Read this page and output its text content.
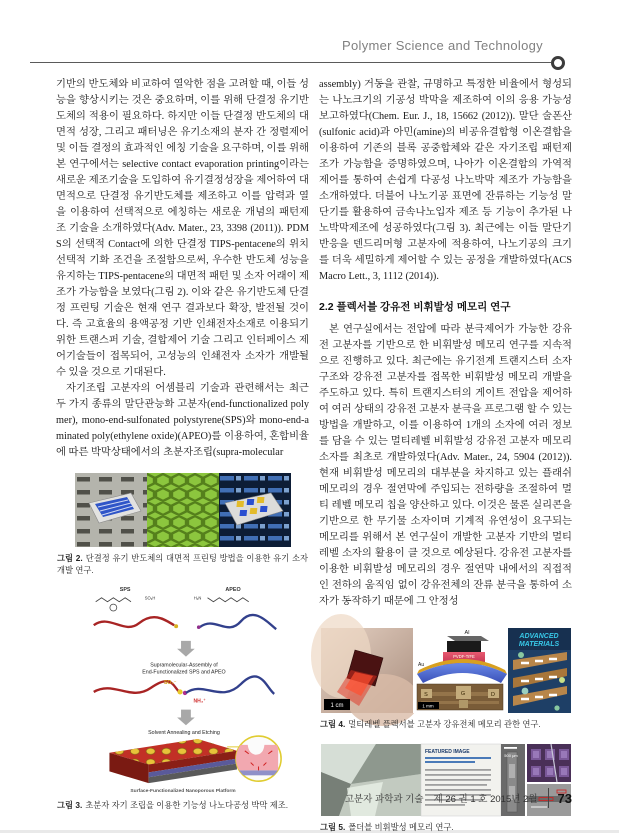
Polymer Science and Technology

기반의 반도체와 비교하여 열악한 점을 고려할 때, 이들 성능을 향상시키는 것은 중요하며, 이를 위해 단결정 유기반도체의 적용이 필요하다. 하지만 이들 단결정 반도체의 대면적 성장, 그리고 패터닝은 유기소재의 분자 간 정렬제어 및 이들 결정의 효과적인 에칭 기술을 요구하며, 이를 위해 본 연구에서는 selective contact evaporation printing이라는 새로운 제조기술을 도입하여 유기결정성장을 제어하여 대면적으로 단결정 유기반도체를 제조하고 이를 압력과 열을 이용하여 선택적으로 에칭하는 새로운 개념의 패턴제조 기술을 소개하였다(Adv. Mater., 23, 3398 (2011)). PDMS의 선택적 Contact에 의한 단결정 TIPS-pentacene의 위치 선택적 기화 조건을 조절함으로써, 우수한 반도체 성능을 유지하는 TIPS-pentacene의 대면적 패턴 및 소자 어래이 제조가 가능함을 보였다(그림 2). 이와 같은 유기반도체 단결정 프린팅 기술은 현재 연구 결과보다 확장, 발전될 것이다. 즉 고효율의 용액공정 기반 인쇄전자소재로 이용되기 위한 트랜스퍼 기술, 결합제어 기술 그리고 인터페이스 제어기술들이 접목되어, 고성능의 인쇄전자 소자가 개발될 수 있을 것으로 기대된다.

자기조립 고분자의 어셈블리 기술과 관련해서는 최근 두 가지 종류의 말단관능화 고분자(end-functionalized polymer), mono-end-sulfonated polystyrene(SPS)와 mono-end-aminated poly(ethylene oxide)(APEO)를 이용하여, 혼합비율에 따른 박막상태에서의 초분자조립(supra-molecular

그림 2. 단결정 유기 반도체의 대면적 프린팅 방법을 이용한 유기 소자 개발 연구.
SPS	APEO
SO₃H	H₂N
Supramolecular-Assembly of
End-Functionalized SPS and APEO
SO₃⁻
NH₃⁺
Solvent Annealing and Etching
Surface-Functionalized Nanoporous Platform
그림 3. 초분자 자기 조립을 이용한 기능성 나노다공성 박막 제조.

assembly) 거동을 관찰, 규명하고 특정한 비율에서 형성되는 나노크기의 기공성 박막을 제조하여 이의 응용 가능성 보고하였다(Chem. Eur. J., 18, 15662 (2012)). 말단 술폰산(sulfonic acid)과 아민(amine)의 비공유결합형 이온결합을 이용하여 기존의 블록 공중합체와 같은 자기조립 패턴제조가 가능함을 증명하였으며, 나아가 이온결합의 가역적 제어를 통하여 손쉽게 다공성 나노박막 제조가 가능함을 소개하였다. 더불어 나노기공 표면에 잔류하는 기능성 말단기를 활용하여 금속나노입자 제조 등 기능이 추가된 나노박막제조에 성공하였다(그림 3). 최근에는 이들 말단기 반응을 덴드리머형 고분자에 적용하여, 나노기공의 크기를 더욱 세밀하게 제어할 수 있는 공정을 개발하였다(ACS Macro Lett., 3, 1112 (2014)).

2.2 플렉서블 강유전 비휘발성 메모리 연구

본 연구실에서는 전압에 따라 분극제어가 가능한 강유전 고분자를 기반으로 한 비휘발성 메모리 연구를 지속적으로 진행하고 있다. 최근에는 유기전계 트랜지스터 소자구조와 강유전 고분자를 접목한 비휘발성 메모리 개발을 주도하고 있다. 특히 트랜지스터의 게이트 전압을 제어하여 여러 상태의 강유전 고분자 분극을 프로그램 할 수 있는 방법을 개발하고, 이를 이용하여 1개의 소자에 여러 정보를 담을 수 있는 멀티레벨 비휘발성 강유전 고분자 메모리 소자를 최초로 개발하였다(Adv. Mater., 24, 5904 (2012)). 현재 비휘발성 메모리의 대부분을 차지하고 있는 플래쉬 메모리의 경우 절연막에 주입되는 전하량을 조절하여 멀티 레벨 메모리 칩을 양산하고 있다. 이것은 물론 실리콘을 기반으로 한 무기물 소자이며 기계적 유연성이 요구되는 메모리를 위해서 본 연구실이 개발한 고분자 기반의 멀티레벨 소자의 활용이 클 것으로 예상된다. 강유전 고분자를 이용한 비휘발성 메모리의 경우 절연막 내에서의 직접적인 전하의 움직임 없이 강유전체의 잔류 분극을 통하여 소자가 동작하기 때문에 그 안정성

1 cm
Al
PVDF-TrFE
Au
S	G	D
1 mm
ADVANCED
MATERIALS
그림 4. 멀티레벨 플렉서블 고분자 강유전체 메모리 관한 연구.
FEATURED IMAGE
500 μm
그림 5. 폴더블 비휘발성 메모리 연구.
고분자 과학과 기술 제 26 권 1 호 2015년 2월 73
